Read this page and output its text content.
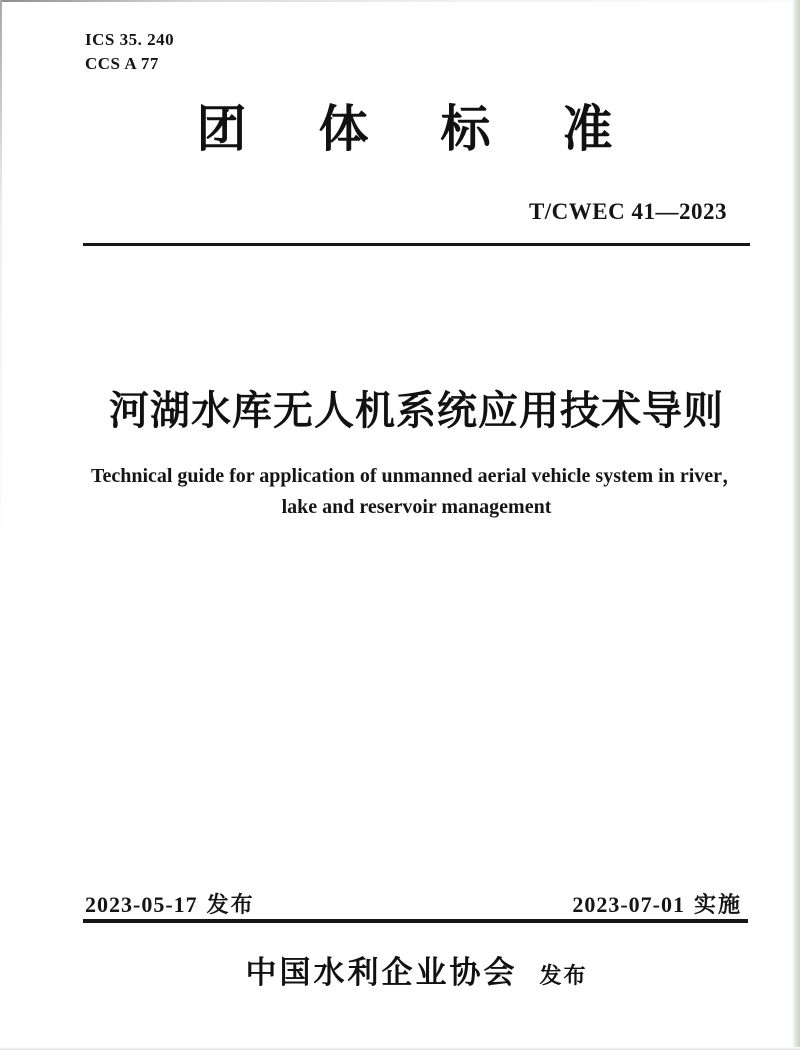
ICS 35. 240
CCS A 77
团 体 标 准
T/CWEC 41—2023
河湖水库无人机系统应用技术导则
Technical guide for application of unmanned aerial vehicle system in river，
lake and reservoir management
2023-05-17 发布	2023-07-01 实施
中国水利企业协会 发布
